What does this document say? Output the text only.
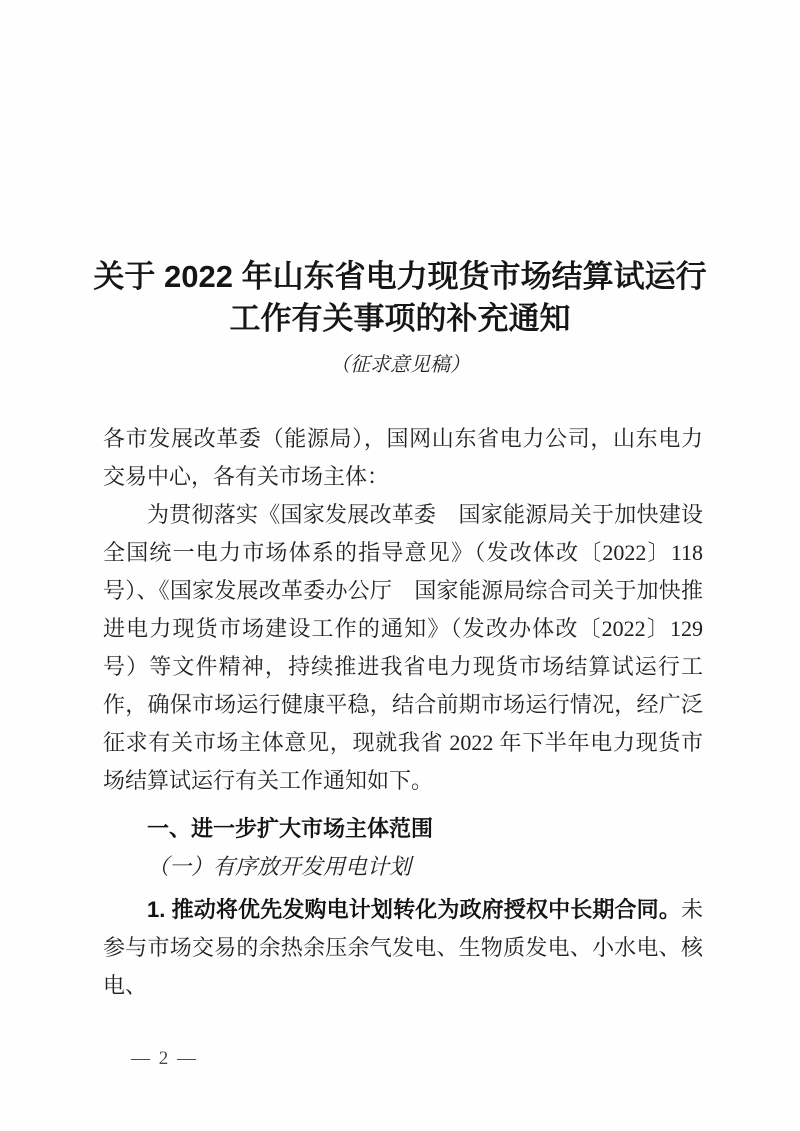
关于 2022 年山东省电力现货市场结算试运行
工作有关事项的补充通知
（征求意见稿）

各市发展改革委（能源局），国网山东省电力公司，山东电力交易中心，各有关市场主体：

为贯彻落实《国家发展改革委　国家能源局关于加快建设全国统一电力市场体系的指导意见》（发改体改〔2022〕118 号）、《国家发展改革委办公厅　国家能源局综合司关于加快推进电力现货市场建设工作的通知》（发改办体改〔2022〕129 号）等文件精神，持续推进我省电力现货市场结算试运行工作，确保市场运行健康平稳，结合前期市场运行情况，经广泛征求有关市场主体意见，现就我省 2022 年下半年电力现货市场结算试运行有关工作通知如下。

一、进一步扩大市场主体范围

（一）有序放开发用电计划

1. 推动将优先发购电计划转化为政府授权中长期合同。未参与市场交易的余热余压余气发电、生物质发电、小水电、核电、

— 2 —
